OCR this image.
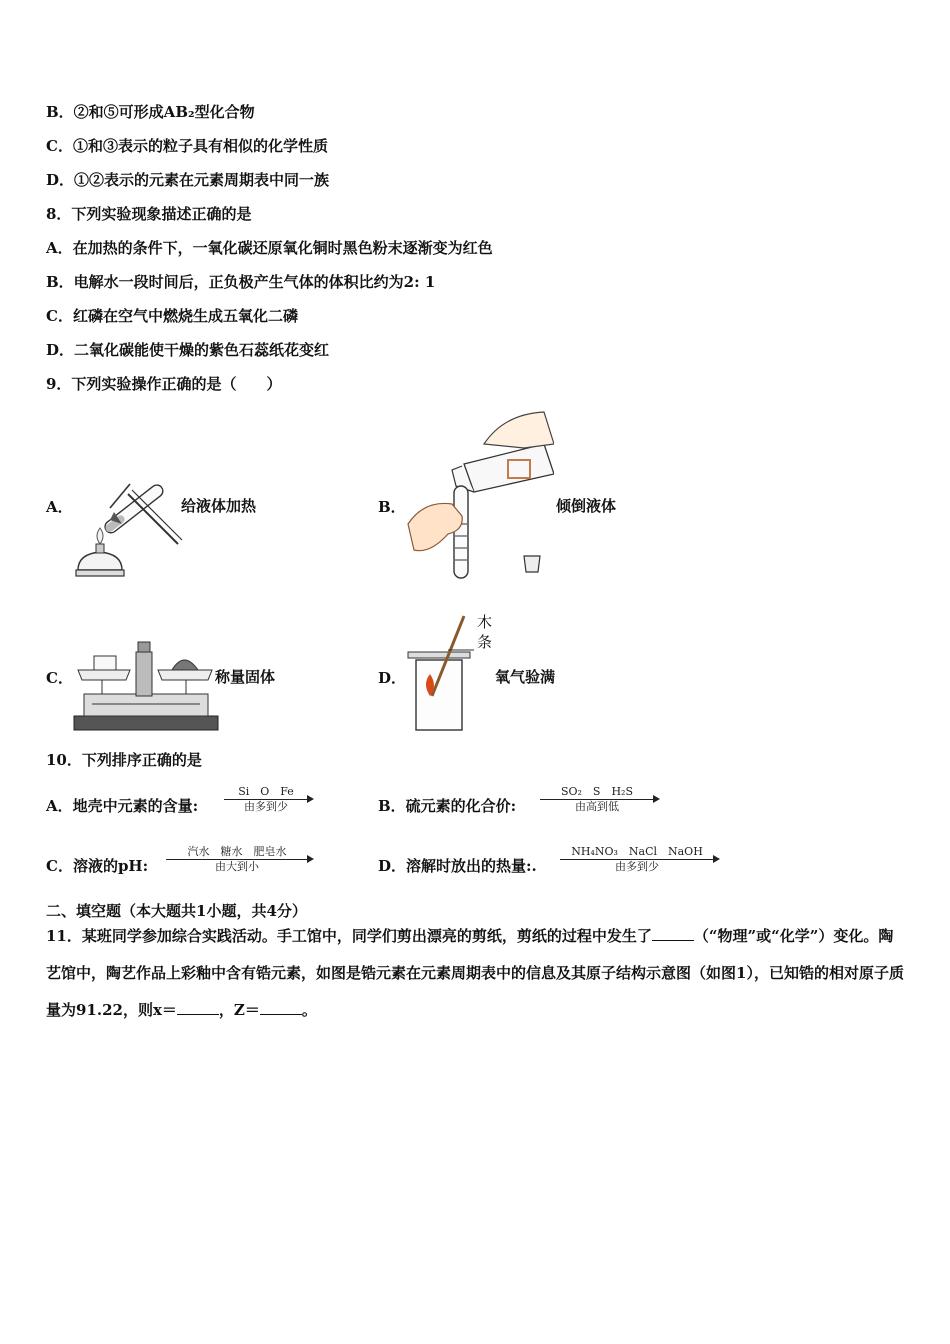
B．②和⑤可形成AB₂型化合物
C．①和③表示的粒子具有相似的化学性质
D．①②表示的元素在元素周期表中同一族
8．下列实验现象描述正确的是
A．在加热的条件下，一氧化碳还原氧化铜时黑色粉末逐渐变为红色
B．电解水一段时间后，正负极产生气体的体积比约为2: 1
C．红磷在空气中燃烧生成五氧化二磷
D．二氧化碳能使干燥的紫色石蕊纸花变红
9．下列实验操作正确的是（　　）
A．	给液体加热	B．	倾倒液体
C．	称量固体	D．
木
条
氧气验满
10．下列排序正确的是
A．地壳中元素的含量:
Si　O　Fe
由多到少	B．硫元素的化合价:
SO₂　S　H₂S
由高到低
C．溶液的pH:
汽水　糖水　肥皂水
由大到小	D．溶解时放出的热量:.
NH₄NO₃　NaCl　NaOH
由多到少
二、填空题（本大题共1小题，共4分）
11．某班同学参加综合实践活动。手工馆中，同学们剪出漂亮的剪纸，剪纸的过程中发生了	（“物理”或“化学”）变化。陶艺馆中，陶艺作品上彩釉中含有锆元素，如图是锆元素在元素周期表中的信息及其原子结构示意图（如图1），已知锆的相对原子质量为91.22，则x＝	，Z＝	。
